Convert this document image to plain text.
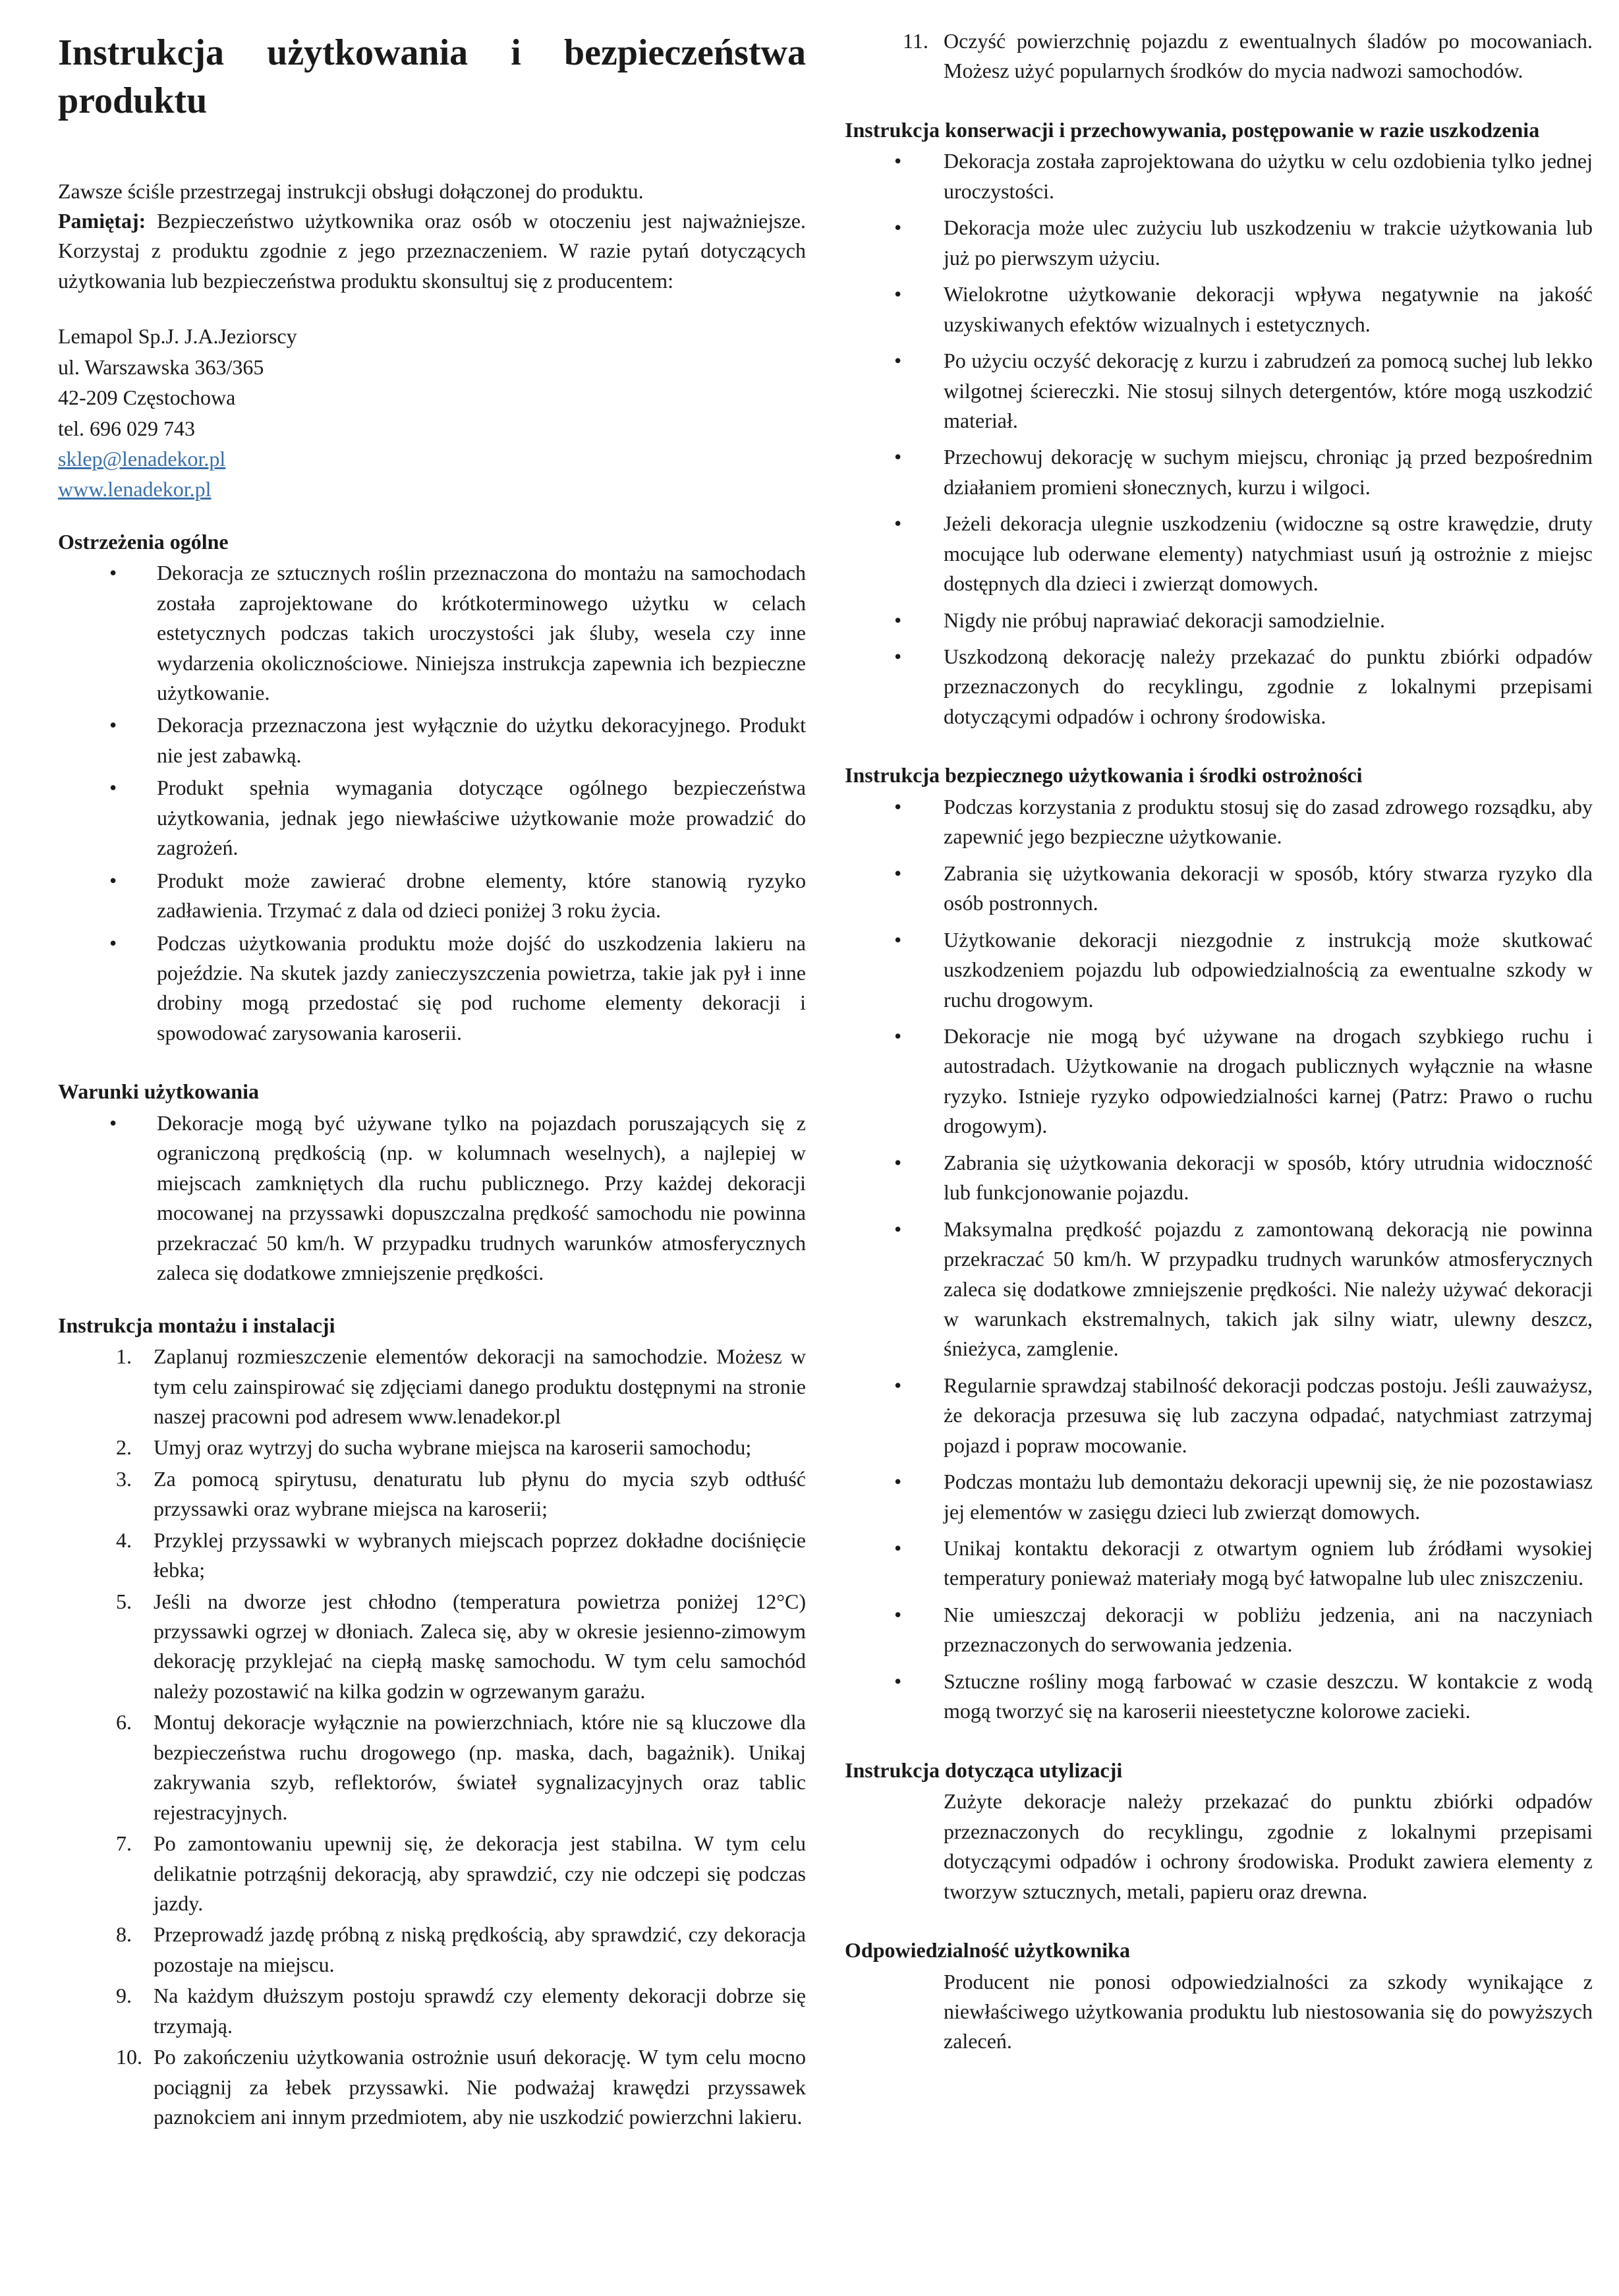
Instrukcja użytkowania i bezpieczeństwa produktu

Zawsze ściśle przestrzegaj instrukcji obsługi dołączonej do produktu.
Pamiętaj: Bezpieczeństwo użytkownika oraz osób w otoczeniu jest najważniejsze. Korzystaj z produktu zgodnie z jego przeznaczeniem. W razie pytań dotyczących użytkowania lub bezpieczeństwa produktu skonsultuj się z producentem:

Lemapol Sp.J. J.A.Jeziorscy
ul. Warszawska 363/365
42-209 Częstochowa
tel. 696 029 743
sklep@lenadekor.pl
www.lenadekor.pl
Ostrzeżenia ogólne
• Dekoracja ze sztucznych roślin przeznaczona do montażu na samochodach została zaprojektowane do krótkoterminowego użytku w celach estetycznych podczas takich uroczystości jak śluby, wesela czy inne wydarzenia okolicznościowe. Niniejsza instrukcja zapewnia ich bezpieczne użytkowanie.
• Dekoracja przeznaczona jest wyłącznie do użytku dekoracyjnego. Produkt nie jest zabawką.
• Produkt spełnia wymagania dotyczące ogólnego bezpieczeństwa użytkowania, jednak jego niewłaściwe użytkowanie może prowadzić do zagrożeń.
• Produkt może zawierać drobne elementy, które stanowią ryzyko zadławienia. Trzymać z dala od dzieci poniżej 3 roku życia.
• Podczas użytkowania produktu może dojść do uszkodzenia lakieru na pojeździe. Na skutek jazdy zanieczyszczenia powietrza, takie jak pył i inne drobiny mogą przedostać się pod ruchome elementy dekoracji i spowodować zarysowania karoserii.
Warunki użytkowania
• Dekoracje mogą być używane tylko na pojazdach poruszających się z ograniczoną prędkością (np. w kolumnach weselnych), a najlepiej w miejscach zamkniętych dla ruchu publicznego. Przy każdej dekoracji mocowanej na przyssawki dopuszczalna prędkość samochodu nie powinna przekraczać 50 km/h. W przypadku trudnych warunków atmosferycznych zaleca się dodatkowe zmniejszenie prędkości.
Instrukcja montażu i instalacji
1. Zaplanuj rozmieszczenie elementów dekoracji na samochodzie. Możesz w tym celu zainspirować się zdjęciami danego produktu dostępnymi na stronie naszej pracowni pod adresem www.lenadekor.pl
2. Umyj oraz wytrzyj do sucha wybrane miejsca na karoserii samochodu;
3. Za pomocą spirytusu, denaturatu lub płynu do mycia szyb odtłuść przyssawki oraz wybrane miejsca na karoserii;
4. Przyklej przyssawki w wybranych miejscach poprzez dokładne dociśnięcie łebka;
5. Jeśli na dworze jest chłodno (temperatura powietrza poniżej 12°C) przyssawki ogrzej w dłoniach. Zaleca się, aby w okresie jesienno-zimowym dekorację przyklejać na ciepłą maskę samochodu. W tym celu samochód należy pozostawić na kilka godzin w ogrzewanym garażu.
6. Montuj dekoracje wyłącznie na powierzchniach, które nie są kluczowe dla bezpieczeństwa ruchu drogowego (np. maska, dach, bagażnik). Unikaj zakrywania szyb, reflektorów, świateł sygnalizacyjnych oraz tablic rejestracyjnych.
7. Po zamontowaniu upewnij się, że dekoracja jest stabilna. W tym celu delikatnie potrząśnij dekoracją, aby sprawdzić, czy nie odczepi się podczas jazdy.
8. Przeprowadź jazdę próbną z niską prędkością, aby sprawdzić, czy dekoracja pozostaje na miejscu.
9. Na każdym dłuższym postoju sprawdź czy elementy dekoracji dobrze się trzymają.
10. Po zakończeniu użytkowania ostrożnie usuń dekorację. W tym celu mocno pociągnij za łebek przyssawki. Nie podważaj krawędzi przyssawek paznokciem ani innym przedmiotem, aby nie uszkodzić powierzchni lakieru.
11. Oczyść powierzchnię pojazdu z ewentualnych śladów po mocowaniach. Możesz użyć popularnych środków do mycia nadwozi samochodów.
Instrukcja konserwacji i przechowywania, postępowanie w razie uszkodzenia
• Dekoracja została zaprojektowana do użytku w celu ozdobienia tylko jednej uroczystości.
• Dekoracja może ulec zużyciu lub uszkodzeniu w trakcie użytkowania lub już po pierwszym użyciu.
• Wielokrotne użytkowanie dekoracji wpływa negatywnie na jakość uzyskiwanych efektów wizualnych i estetycznych.
• Po użyciu oczyść dekorację z kurzu i zabrudzeń za pomocą suchej lub lekko wilgotnej ściereczki. Nie stosuj silnych detergentów, które mogą uszkodzić materiał.
• Przechowuj dekorację w suchym miejscu, chroniąc ją przed bezpośrednim działaniem promieni słonecznych, kurzu i wilgoci.
• Jeżeli dekoracja ulegnie uszkodzeniu (widoczne są ostre krawędzie, druty mocujące lub oderwane elementy) natychmiast usuń ją ostrożnie z miejsc dostępnych dla dzieci i zwierząt domowych.
• Nigdy nie próbuj naprawiać dekoracji samodzielnie.
• Uszkodzoną dekorację należy przekazać do punktu zbiórki odpadów przeznaczonych do recyklingu, zgodnie z lokalnymi przepisami dotyczącymi odpadów i ochrony środowiska.
Instrukcja bezpiecznego użytkowania i środki ostrożności
• Podczas korzystania z produktu stosuj się do zasad zdrowego rozsądku, aby zapewnić jego bezpieczne użytkowanie.
• Zabrania się użytkowania dekoracji w sposób, który stwarza ryzyko dla osób postronnych.
• Użytkowanie dekoracji niezgodnie z instrukcją może skutkować uszkodzeniem pojazdu lub odpowiedzialnością za ewentualne szkody w ruchu drogowym.
• Dekoracje nie mogą być używane na drogach szybkiego ruchu i autostradach. Użytkowanie na drogach publicznych wyłącznie na własne ryzyko. Istnieje ryzyko odpowiedzialności karnej (Patrz: Prawo o ruchu drogowym).
• Zabrania się użytkowania dekoracji w sposób, który utrudnia widoczność lub funkcjonowanie pojazdu.
• Maksymalna prędkość pojazdu z zamontowaną dekoracją nie powinna przekraczać 50 km/h. W przypadku trudnych warunków atmosferycznych zaleca się dodatkowe zmniejszenie prędkości. Nie należy używać dekoracji w warunkach ekstremalnych, takich jak silny wiatr, ulewny deszcz, śnieżyca, zamglenie.
• Regularnie sprawdzaj stabilność dekoracji podczas postoju. Jeśli zauważysz, że dekoracja przesuwa się lub zaczyna odpadać, natychmiast zatrzymaj pojazd i popraw mocowanie.
• Podczas montażu lub demontażu dekoracji upewnij się, że nie pozostawiasz jej elementów w zasięgu dzieci lub zwierząt domowych.
• Unikaj kontaktu dekoracji z otwartym ogniem lub źródłami wysokiej temperatury ponieważ materiały mogą być łatwopalne lub ulec zniszczeniu.
• Nie umieszczaj dekoracji w pobliżu jedzenia, ani na naczyniach przeznaczonych do serwowania jedzenia.
• Sztuczne rośliny mogą farbować w czasie deszczu. W kontakcie z wodą mogą tworzyć się na karoserii nieestetyczne kolorowe zacieki.
Instrukcja dotycząca utylizacji

Zużyte dekoracje należy przekazać do punktu zbiórki odpadów przeznaczonych do recyklingu, zgodnie z lokalnymi przepisami dotyczącymi odpadów i ochrony środowiska. Produkt zawiera elementy z tworzyw sztucznych, metali, papieru oraz drewna.

Odpowiedzialność użytkownika

Producent nie ponosi odpowiedzialności za szkody wynikające z niewłaściwego użytkowania produktu lub niestosowania się do powyższych zaleceń.
